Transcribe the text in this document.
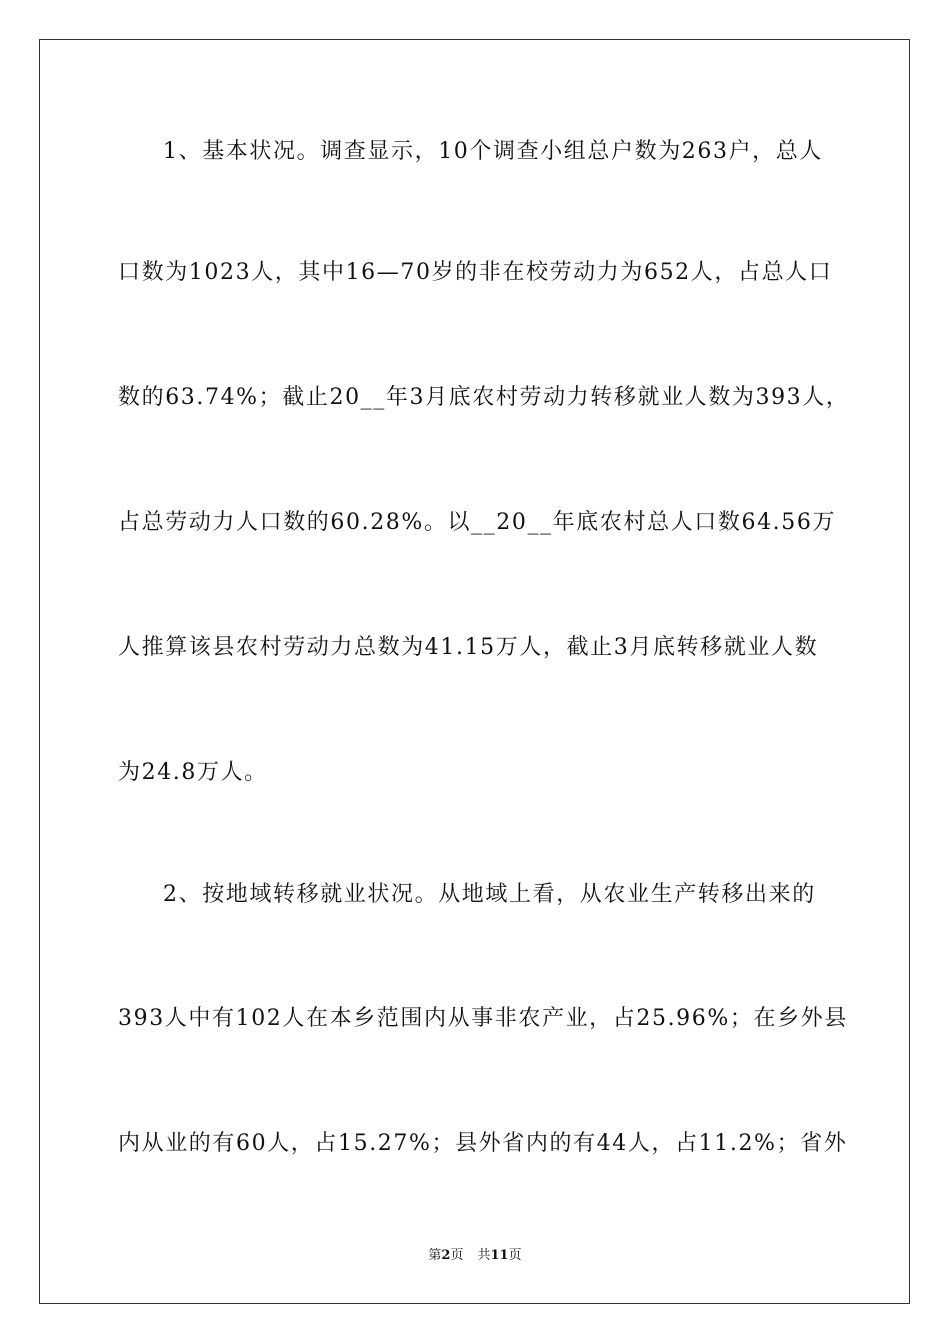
1、基本状况。调查显示，10个调查小组总户数为263户，总人
口数为1023人，其中16—70岁的非在校劳动力为652人，占总人口
数的63.74%；截止20__年3月底农村劳动力转移就业人数为393人，
占总劳动力人口数的60.28%。以__20__年底农村总人口数64.56万
人推算该县农村劳动力总数为41.15万人，截止3月底转移就业人数
为24.8万人。
2、按地域转移就业状况。从地域上看，从农业生产转移出来的
393人中有102人在本乡范围内从事非农产业，占25.96%；在乡外县
内从业的有60人，占15.27%；县外省内的有44人，占11.2%；省外
第2页 共11页
